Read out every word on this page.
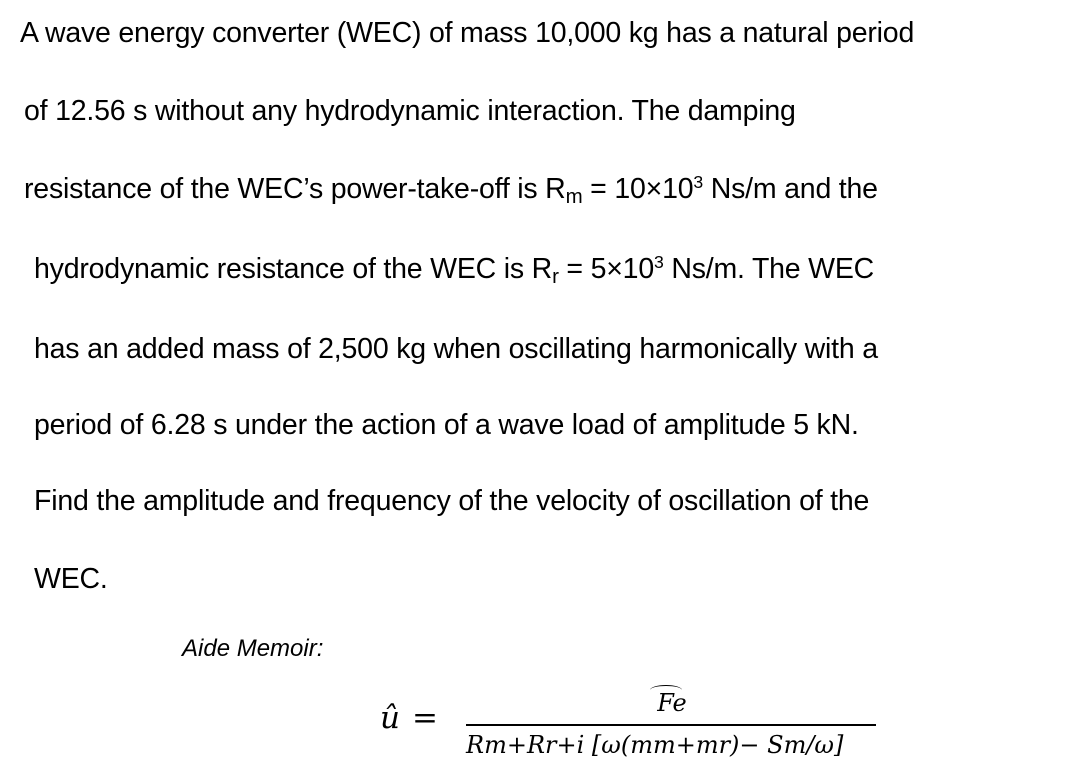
A wave energy converter (WEC) of mass 10,000 kg has a natural period
of 12.56 s without any hydrodynamic interaction. The damping
resistance of the WEC’s power-take-off is $R_m = 10\times 10^3$ Ns/m and the
hydrodynamic resistance of the WEC is $R_r = 5\times 10^3$ Ns/m. The WEC
has an added mass of 2,500 kg when oscillating harmonically with a
period of 6.28 s under the action of a wave load of amplitude 5 kN.
Find the amplitude and frequency of the velocity of oscillation of the
WEC.
Aide Memoir:
û =	Fe
Rm+Rr+i [ω(mm+mr)− Sm/ω]
